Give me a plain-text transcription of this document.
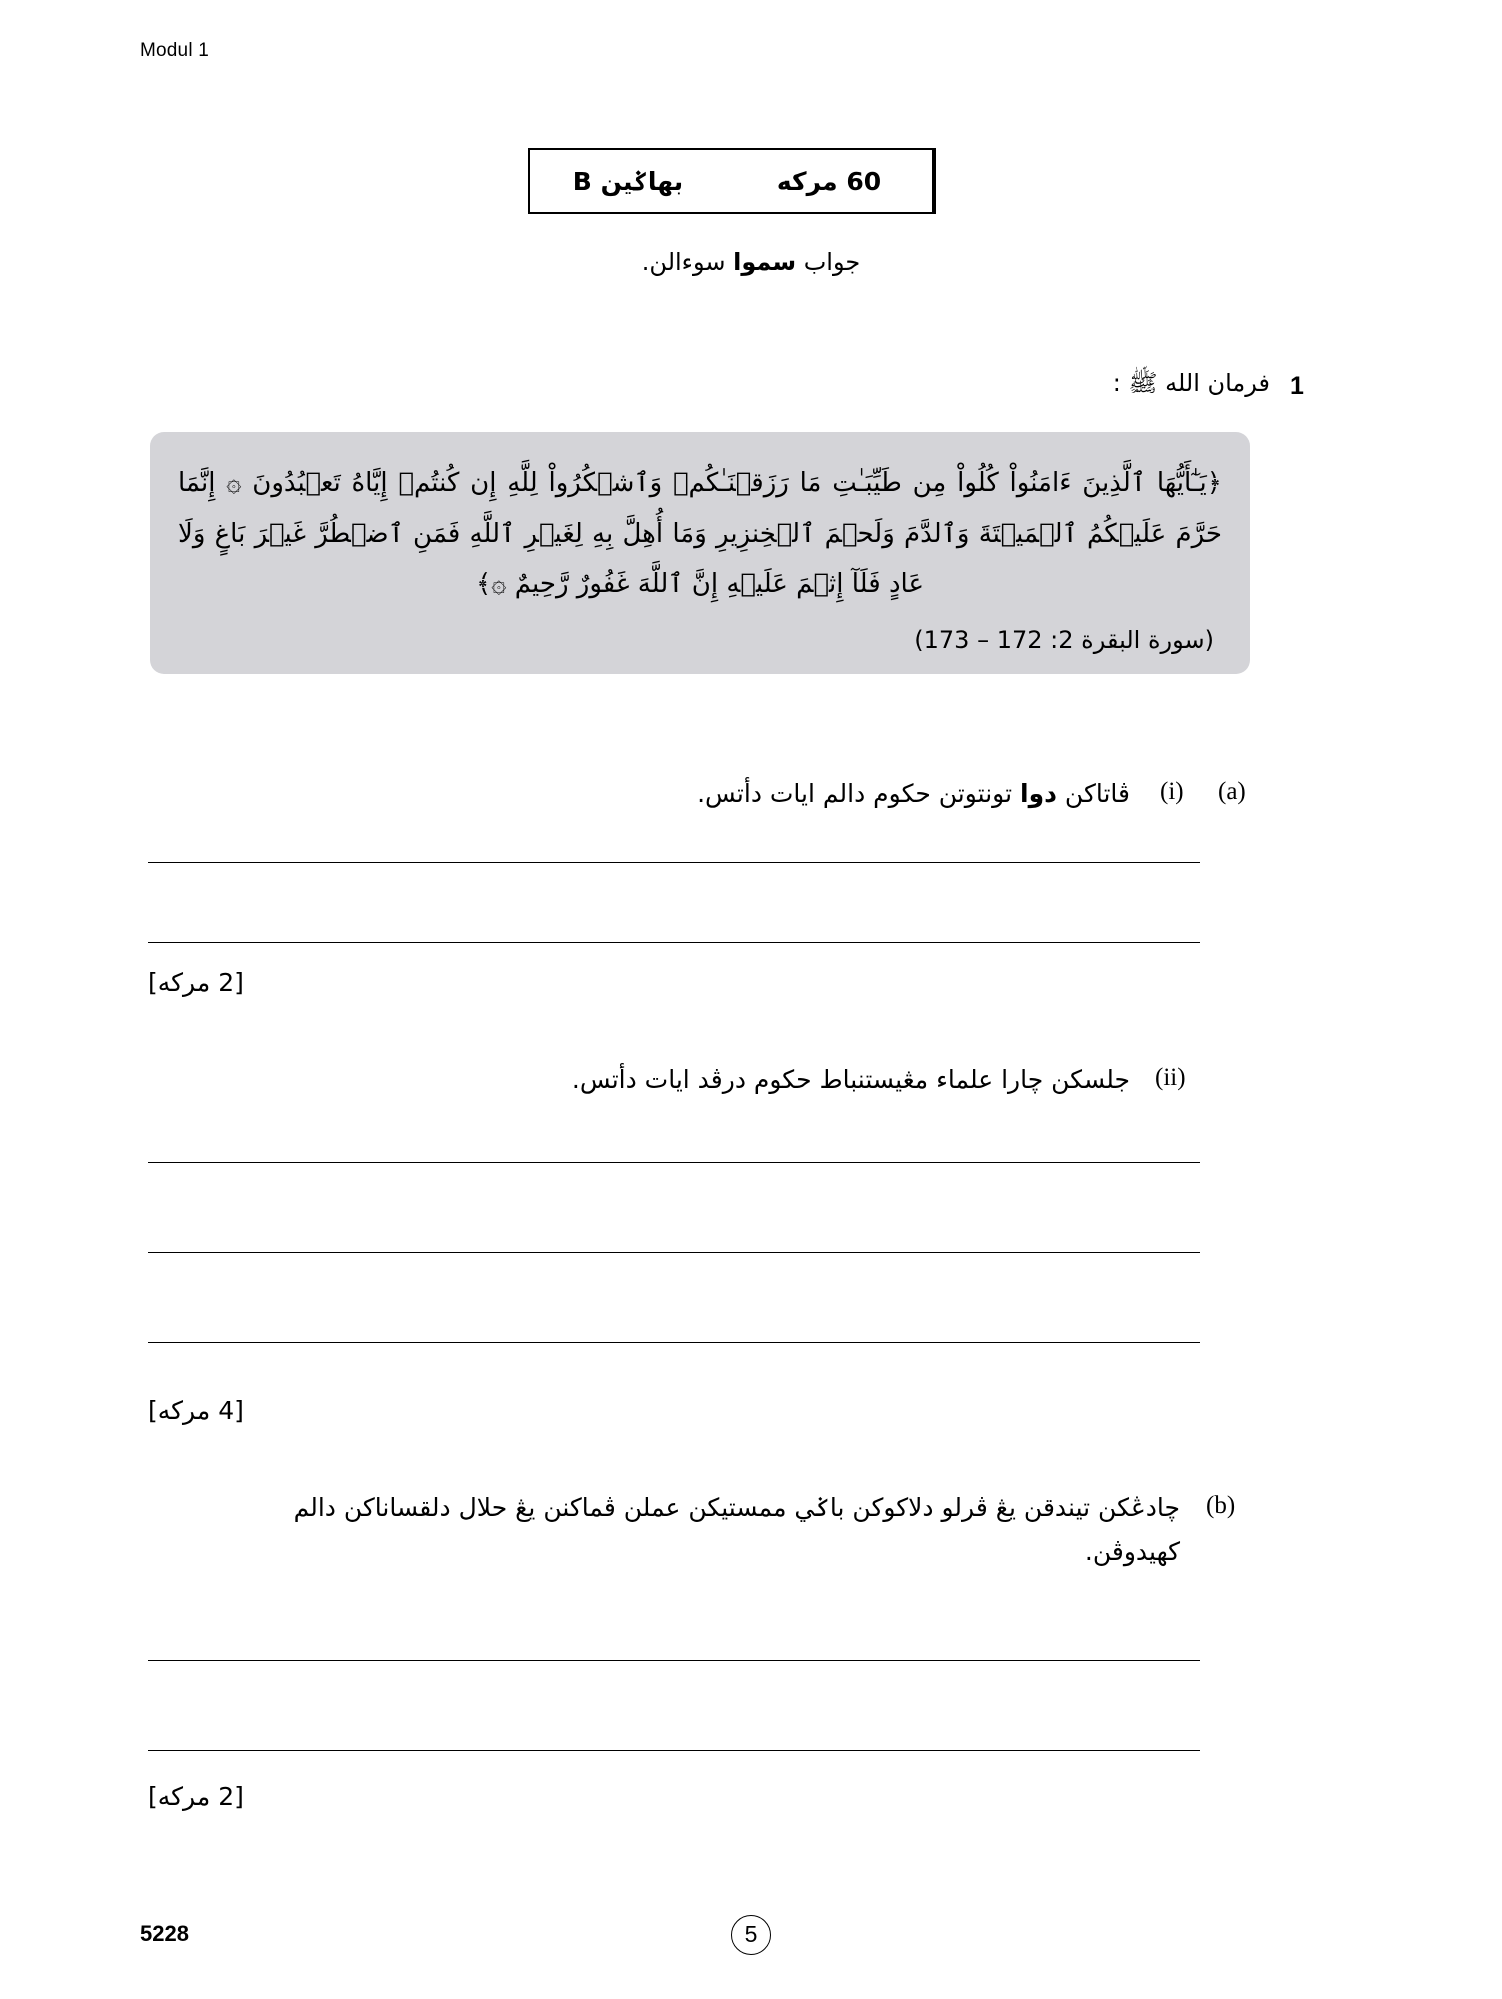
Modul 1
بهاݢين B	60 مركه
جواب سموا سوءالن.
1
فرمان الله ﷺ :
﴿يَـٰٓأَيُّهَا ٱلَّذِينَ ءَامَنُواْ كُلُواْ مِن طَيِّبَـٰتِ مَا رَزَقۡنَـٰكُمۡ وَٱشۡكُرُواْ لِلَّهِ إِن كُنتُمۡ إِيَّاهُ تَعۡبُدُونَ ۞ إِنَّمَا حَرَّمَ عَلَيۡكُمُ ٱلۡمَيۡتَةَ وَٱلدَّمَ وَلَحۡمَ ٱلۡخِنزِيرِ وَمَا أُهِلَّ بِهِ لِغَيۡرِ ٱللَّهِ فَمَنِ ٱضۡطُرَّ غَيۡرَ بَاغٍ وَلَا عَادٍ فَلَآ إِثۡمَ عَلَيۡهِ إِنَّ ٱللَّهَ غَفُورٌ رَّحِيمٌ ۞﴾
(سورة البقرة 2: 172 – 173)
(a)
(i)
ڤاتاكن دوا تونتوتن حكوم دالم ايات دأتس.
[2 مركه]
(ii)
جلسكن چارا علماء مڠيستنباط حكوم درڤد ايات دأتس.
[4 مركه]
(b)
چادڠكن تيندقن يڠ ڤرلو دلاكوكن باݢي ممستيكن عملن ڤماكنن يڠ حلال دلقساناكن دالم كهيدوڤن.
[2 مركه]
5228	5
